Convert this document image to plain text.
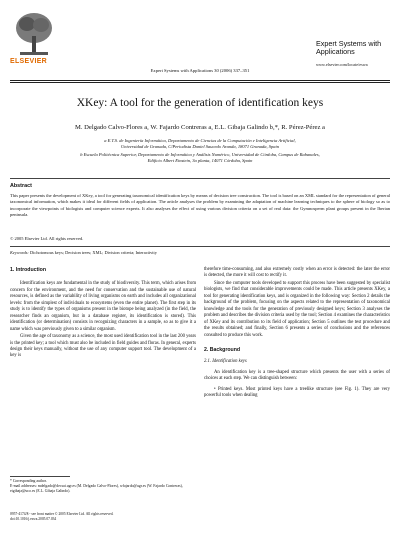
ELSEVIER
Expert Systems with Applications 30 (2006) 337–351
Expert Systems with Applications
www.elsevier.com/locate/eswa
XKey: A tool for the generation of identification keys
M. Delgado Calvo-Flores a, W. Fajardo Contreras a, E.L. Gibaja Galindo b,*, R. Pérez-Pérez a
a E.T.S. de Ingeniería Informática, Departamento de Ciencias de la Computación e Inteligencia Artificial,
Universidad de Granada, C/Periodista Daniel Saucedo Aranda, 18071 Granada, Spain
b Escuela Politécnica Superior, Departamento de Informática y Análisis Numérico, Universidad de Córdoba, Campus de Rabanales,
Edificio Albert Einstein, 3a planta, 14071 Córdoba, Spain
Abstract
This paper presents the development of XKey, a tool for generating taxonomical identification keys by means of decision tree construction. The tool is based on an XML standard for the representation of general taxonomical information, which makes it ideal for different fields of application. The article analyses the problem by examining the adaptation of machine learning techniques to the sphere of biology so as to incorporate the viewpoints of biologists and computer science experts. It also analyses the effect of using various division criteria on a set of real data: the Gymnosperm plant groups present in the Iberian peninsula.
© 2005 Elsevier Ltd. All rights reserved.
Keywords: Dichotomous keys; Decision trees; XML; Division criteria; Interactivity
1. Introduction
Identification keys are fundamental in the study of biodiversity. This term, which arises from concern for the environment, and the need for conservation and the sustainable use of natural resources, is defined as the variability of living organisms on earth and includes all organizational levels: from the simplest of individuals to ecosystems (even the entire planet). The first step in its study is to identify the types of organisms present in the biotope being analyzed (in the field, the researcher finds an organism, but in a database register, its identification is stored). This identification (or determination) consists in recognizing characters in a sample, so as to give it a name which was previously given to a similar organism.
Given the age of taxonomy as a science, the most used identification tool in the last 200 years is the printed key; a tool which must also be included in field guides and floras. In general, experts design their keys manually, without the use of any computer support tool. The development of a key is
* Corresponding author.
E-mail addresses: mdelgado@decsai.ugr.es (M. Delgado Calvo-Flores), wfajardo@ugr.es (W. Fajardo Contreras), eigibaja@uco.es (E.L. Gibaja Galindo).
0957-4174/$ - see front matter © 2005 Elsevier Ltd. All rights reserved.
doi:10.1016/j.eswa.2005.07.034
therefore time-consuming, and also extremely costly when an error is detected: the later the error is detected, the more it will cost to rectify it.
Since the computer tools developed to support this process have been suggested by specialist biologists, we find that considerable improvements could be made. This article presents XKey, a tool for generating identification keys, and is organized in the following way: Section 2 details the background of the problem, focusing on the aspects related to the representation of taxonomical knowledge and the tools for the generation of previously designed keys; Section 3 analyses the problem and describes the division criteria used by the tool; Section 4 examines the characteristics of XKey and its contribution to its field of application; Section 5 outlines the test procedure and the results obtained; and finally, Section 6 presents a series of conclusions and the references consulted to produce this work.
2. Background
2.1. Identification keys
An identification key is a tree-shaped structure which presents the user with a series of choices at each step. We can distinguish between:
• Printed keys. Most printed keys have a treelike structure (see Fig. 1). They are very powerful tools when dealing
